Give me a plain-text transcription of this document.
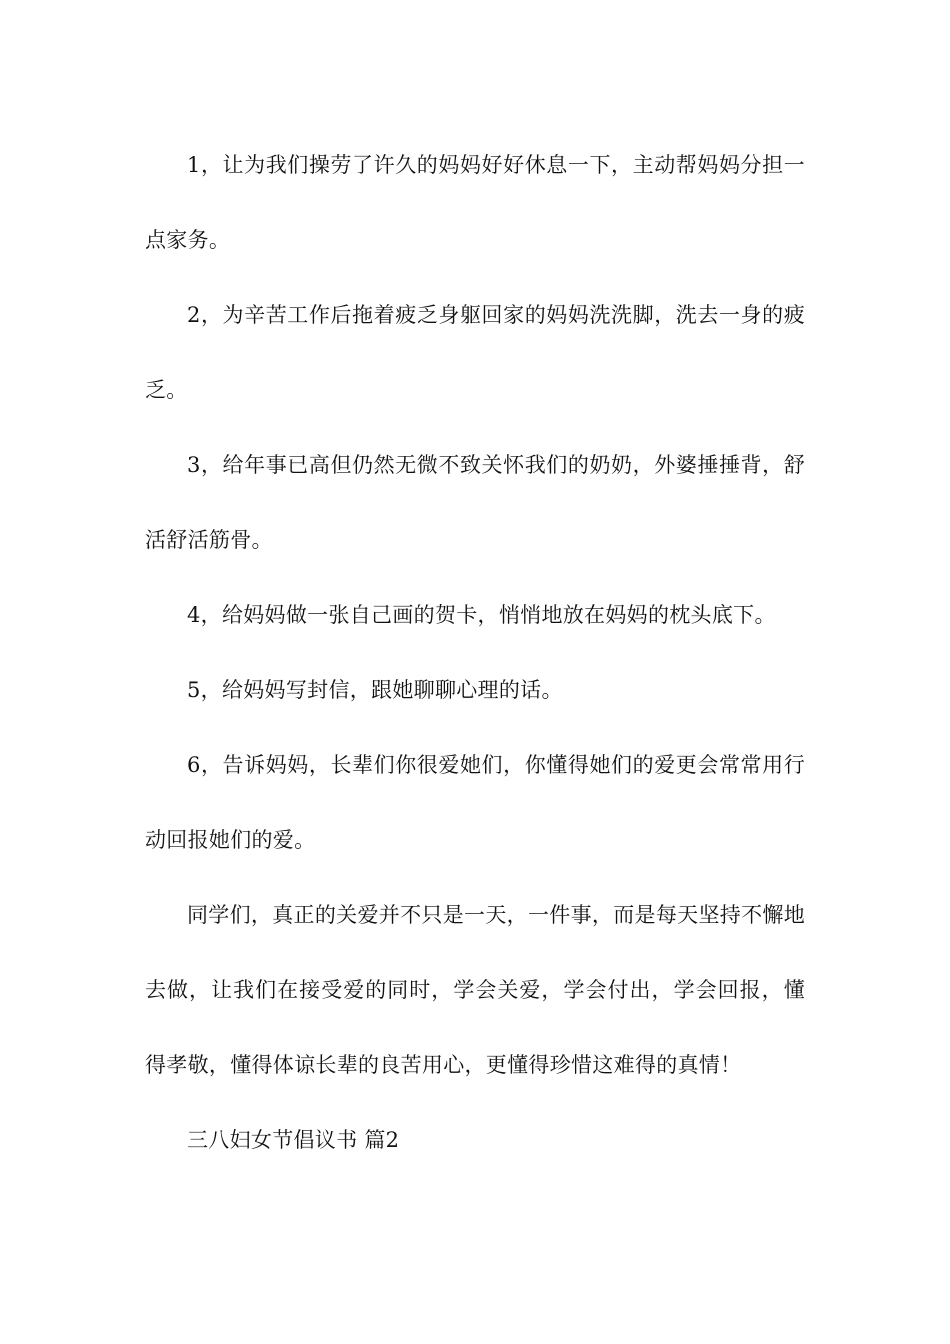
1，让为我们操劳了许久的妈妈好好休息一下，主动帮妈妈分担一点家务。

2，为辛苦工作后拖着疲乏身躯回家的妈妈洗洗脚，洗去一身的疲乏。

3，给年事已高但仍然无微不致关怀我们的奶奶，外婆捶捶背，舒活舒活筋骨。

4，给妈妈做一张自己画的贺卡，悄悄地放在妈妈的枕头底下。

5，给妈妈写封信，跟她聊聊心理的话。

6，告诉妈妈，长辈们你很爱她们，你懂得她们的爱更会常常用行动回报她们的爱。

同学们，真正的关爱并不只是一天，一件事，而是每天坚持不懈地去做，让我们在接受爱的同时，学会关爱，学会付出，学会回报，懂得孝敬，懂得体谅长辈的良苦用心，更懂得珍惜这难得的真情！

三八妇女节倡议书 篇2
